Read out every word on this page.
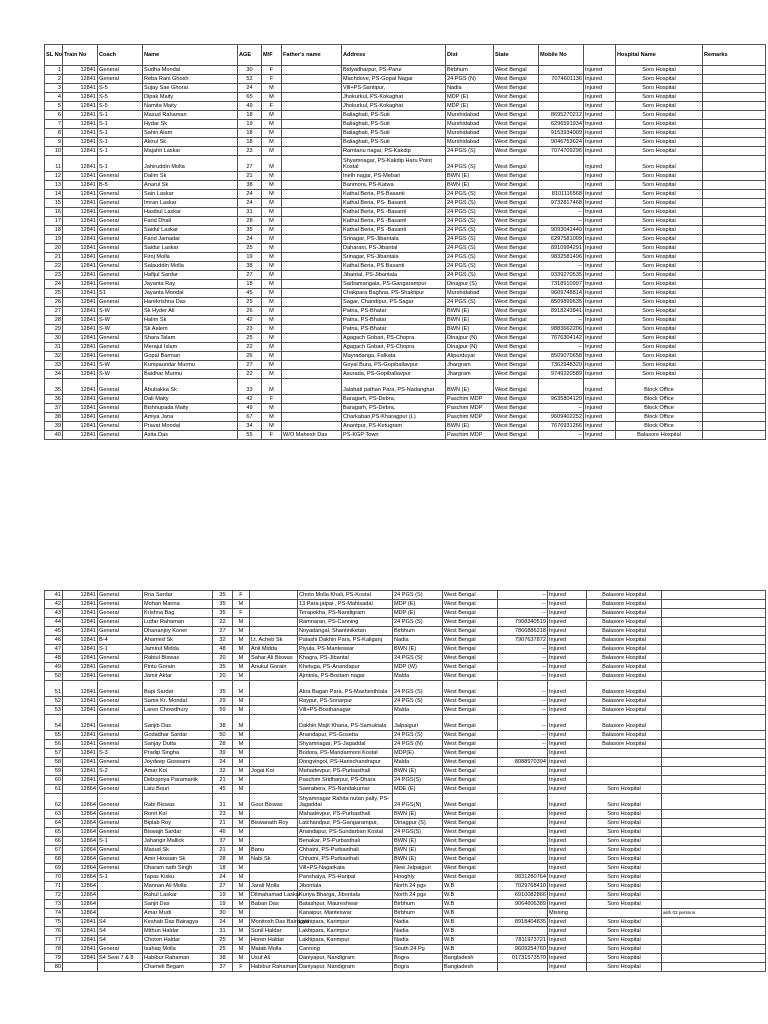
SL No	Train No	Coach	Name	AGE	M/F	Father's name	Address	Dist	State	Mobile No		Hospital Name	Remarks
1	12841	General	Sudha Mondal	30	F		Bidyadharpur, PS-Parui	Birbhum	West Bengal		Injured	Soro Hospital	
2	12841	General	Reba Rani Ghosh	52	F		Machdove, PS-Gopal Nagar	24 PGS (N)	West Bengal	7074601136	Injured	Soro Hospital	
3	12841	S-5	Sujay Sae Ghorai	24	M		Vill+PS-Santipur,	Nadia	West Bengal		Injured	Soro Hospital	
4	12841	S-5	Dipak Maity	65	M		Jhokurkul, PS-Kokaghat	MDP (E)	West Bengal		Injured	Soro Hospital	
5	12841	S-5	Namita Maity	49	F		Jhokurkul, PS-Kokaghat	MDP (E)	West Bengal		Injured	Soro Hospital	
6	12841	S-1	Masud Rahaman	18	M		Baliaghati, PS-Suti	Murshidabad	West Bengal	8695270212	Injured	Soro Hospital	
7	12841	S-1	Hydar Sk	19	M		Baliaghati, PS-Suti	Murshidabad	West Bengal	6296591934	Injured	Soro Hospital	
8	12841	S-1	Sahin Alam	18	M		Baliaghati, PS-Suti	Murshidabad	West Bengal	9153934009	Injured	Soro Hospital	
9	12841	S-1	Akirul Sk	18	M		Baliaghati, PS-Suti	Murshidabad	West Bengal	9046753624	Injured	Soro Hospital	
10	12841	S-1	Majahit Laskar	23	M		Ramtanu nagar, PS-Kakdip	24 PGS (S)	West Bengal	7074709296	Injured	Soro Hospital	
11	12841	S-1	Jahiruddin Molla	27	M		Shyamnagar, PS-Kakdip Haru Point Kostal	24 PGS (S)	West Bengal		Injured	Soro Hospital	
12	12841	General	Dalim Sk	21	M		Inelh nagar, PS-Mebari	BWN (E)	West Bengal		Injured	Soro Hospital	
13	12841	B-5	Anarul Sk	38	M		Banmora, PS-Katwa	BWN (E)	West Bengal		Injured	Soro Hospital	
14	12841	General	Sain Laskar	24	M		Kathal Beria, PS-Basanti	24 PGS (S)	West Bengal	8101116568	Injured	Soro Hospital	
15	12841	General	Imran Laskar	24	M		Kathal Beria, PS- Basanti	24 PGS (S)	West Bengal	9732817468	Injured	Soro Hospital	
16	12841	General	Hasibul Laskar	31	M		Kathal Beria, PS -Basanti	24 PGS (S)	West Bengal	--	Injured	Soro Hospital	
17	12841	General	Farid Dhali	28	M		Kathal Beria, PS -Basanti	24 PGS (S)	West Bengal	--	Injured	Soro Hospital	
18	12841	General	Saidul Laskar	35	M		Kathal Beria, PS -Basanti	24 PGS (S)	West Bengal	9093041440	Injured	Soro Hospital	
19	12841	General	Farid Jamadar	24	M		Srinagar, PS-Jibantala	24 PGS (S)	West Bengal	6297581009	Injured	Soro Hospital	
20	12841	General	Saidur Laskar	25	M		Daharani, PS-Jibantal	24 PGS (S)	West Bengal	8910994291	Injured	Soro Hospital	
21	12841	General	Firoj Molla	19	M		Srinagar, PS-Jibantala	24 PGS (S)	West Bengal	9832581496	Injured	Soro Hospital	
22	12841	General	Salauddin Molla	38	M		Kathal Beria, PS Basanti	24 PGS (S)	West Bengal	--	Injured	Soro Hospital	
23	12841	General	Hafijul Sardar	27	M		Jibantal, PS-Jibantala	24 PGS (S)	West Bengal	9339270535	Injured	Soro Hospital	
24	12841	General	Jayanta Ray	18	M		Sarbamangala, PS-Gangarampur	Dinajpur (S)	West Bengal	7318910997	Injured	Soro Hospital	
25	12841	S1	Jayanta Mondal	45	M		Chakpara Baghna, PS-Shaktipur	Murshidabad	West Bengal	9609748814	Injured	Soro Hospital	
26	12841	General	Harekrishna Das	25	M		Sagar, Chandipur, PS-Sagar	24 PGS (S)	West Bengal	8509899635	Injured	Soro Hospital	
27	12841	S-W	Sk Hyder Ali	26	M		Patna, PS-Bhatar	BWN (E)	West Bengal	8918243841	Injured	Soro Hospital	
28	12841	S-W	Halim Sk	42	M		Patna, PS-Bhatar	BWN (E)	West Bengal	--	Injured	Soro Hospital	
29	12841	S-W	Sk Aalem	23	M		Patna, PS-Bhatar	BWN (E)	West Bengal	9883662206	Injured	Soro Hospital	
30	12841	General	Shara Talam	25	M		Agagach Gobari, PS-Chopra	Dinajpur (N)	West Bengal	7676304142	Injured	Soro Hospital	
31	12841	General	Merajul Islam	22	M		Agagach Gobari, PS-Chopra	Dinajpur (N)	West Bengal	--	Injured	Soro Hospital	
32	12841	General	Gopal Barman	26	M		Mayradanga, Falkata	Alipurduyar	West Bengal	8509070658	Injured	Soro Hospital	
33	12841	S-W	Kumpaundar Murmu	27	M		Goyal Bura, PS-Gopiballavpur	Jhargram	West Bengal	7362948320	Injured	Soro Hospital	
34	12841	S-W	Baidhar Murmu	22	M		Asurada, PS-Gopiballavpur	Jhargram	West Bengal	9749220589	Injured	Soro Hospital	
35	12841	General	Abubakka Sk	33	M		Jalahati pathan Para, PS-Nadanghat	BWN (E)	West Bengal		Injured	Block Office	
36	12841	General	Dali Maity	42	F		Baragarh, PS-Debra,	Paschim MDP	West Bengal	9635804120	Injured	Block Office	
37	12841	General	Bishnupada Maity	49	M		Baragarh, PS-Debra,	Paschim MDP	West Bengal	--	Injured	Block Office	
38	12841	General	Amiya Jana	67	M		Charkaban,PS-Kharagpur (L)	Paschim MDP	West Bengal	9609402252	Injured	Block Office	
39	12841	General	Pravat Mondal	34	M		Anantpur, PS-Ketugram	BWN (E)	West Bengal	7676931266	Injured	Block Office	
40	12841	General	Asita Das	55	F	W/O Mahesh Das	PS-KGP Town	Paschim MDP	West Bengal	--	Injured	Balasore Hospital	
41	12841	General	Rna Sardar	35	F		Choto Molla Khali, PS-Kostal	24 PGS (S)	West Bengal	--	Injured	Balasore Hospital	
42	12841	General	Mohan Manna	35	M		13 Para jalpai , PS-Mahisadal	MDP (E)	West Bengal	--	Injured	Balasore Hospital	
43	12841	General	Krishna Bag	35	F		Terapekha, PS-Nandigram	MDP (E)	West Bengal	--	Injured	Balasore Hospital	
44	12841	General	Lutfar Rahaman	22	M		Ramnaran, PS-Canning	24 PGS (S)	West Bengal	7908340519	Injured	Balasore Hospital	
45	12841	General	Dhananjoy Koner	27	M		Noyadangal, Shantiniketan	Birbhum	West Bengal	7866886218	Injured	Balasore Hospital	
46	12841	B-4	Ahamed Sk	32	M	Lt. Acheb Sk	Palashi Dakhin Para, PS-Kaliganj	Nadia	West Bengal	7907637872	Injured	Balasore Hospital	
47	12841	S-1	Jamirul Midda	48	M	Anil Midda	Piyula, PS-Manteswar	BWN (E)	West Bengal	--	Injured	Balasore Hospital	
48	12841	General	Rabiul Biswas	20	M	Sahar Ali Biswas	Khagra, PS-Jibantal	24 PGS (S)	West Bengal	--	Injured	Balasore Hospital	
49	12841	General	Pintu Gorain	35	M	Anukul Gorain	Khetuga, PS-Anandapur	MDP (W)	West Bengal	--	Injured	Balasore Hospital	
50	12841	General	Jamir Aktar	20	M		Ajmtola, PS-Bostam nagar	Malda	West Bengal	--	Injured	Balasore Hospital	
51	12841	General	Bapi Sardar	35	M		Akra Bagan Para, PS-Mashesthtala	24 PGS (S)	West Bengal	--	Injured	Balasore Hospital	
52	12841	General	Samir Kr. Mondal	29	M		Raypur, PS-Sonarpur	24 PGS (S)	West Bengal	--	Injured	Balasore Hospital	
53	12841	General	Laren Chowdhury	59	M		Vill+PS-Bosthanagar	Malda	West Bengal	--	Injured	Balasore Hospital	
54	12841	General	Sanjib Das	38	M		Dakhin Majit Khana, PS-Samuktala	Jalpaiguri	West Bengal	--	Injured	Balasore Hospital	
55	12841	General	Godadhar Sardar	50	M		Anandapur, PS-Goseba	24 PGS (S)	West Bengal	--	Injured	Balasore Hospital	
56	12841	General	Sanjay Dutta	28	M		Shyamnagar, PS-Jagaddal	24 PGS (N)	West Bengal	--	Injured	Balasore Hospital	
57	12841	S-3	Pradip Singha	39	M		Bodora, PS-Mandarmoni Kostal	MDP(E)	West Bengal		Injured		
58	12841	General	Joydeep Goswami	24	M		Dongvingol, PS-Harischandrapur	Malda	West Bengal	8088970394	Injured		
59	12841	S-2	Amar Koi	32	M	Jogai Koi	Mahadevpur, PS-Purbasthali	BWN (E)	West Bengal		Injured		
60	12841	General	Debopriya Paramanik	21	M		Paschim Sridharpur, PS-Dhara	24 PGS(S)	West Bengal		Injured		
61	12864	General	Lalu Bouri	45	M		Saerabera, PS-Nandakumar	MDE (E)	West Bengal		Injured	Soro Hospital	
62	12864	General	Rabi Biswas	31	M	Gour Biswas	Shyamnagar Rahita nutan pally, PS-Jagaddal	24 PGS(N)	West Bengal		Injured	Soro Hospital	
63	12864	General	Ronit Kol	23	M		Mahadevpur, PS-Purbasthali	BWN (E)	West Bengal		Injured	Soro Hospital	
64	12864	General	Biplab Roy	21	M	Biswanath Roy	Latchandpur, PS-Gangarampur,	Dinagpur (S)	West Bengal		Injured	Soro Hospital	
65	12864	General	Biswajit Sardar	46	M		Anandapur, PS-Sundarban Kostal	24 PGS(S)	West Bengal		Injured	Soro Hospital	
66	12864	S-1	Jahangir Mallick	37	M		Benakar, PS-Purbasthali	BWN (E)	West Bengal		Injured	Soro Hospital	
67	12864	General	Masud Sk	21	M	Banu	Chhatni, PS-Purbasthali	BWN (E)	West Bengal		Injured	Soro Hospital	
68	12864	General	Amir Hossain Sk	28	M	Nabi Sk	Chhatni, PS-Purbasthali	BWN (E)	West Bengal		Injured	Soro Hospital	
69	12864	General	Dharam nath Singh	18	M		Vill+PS-Nagarkata	New Jalpaiguri	West Bengal		Injured	Soro Hospital	
70	12864	S-1	Tapas Kisku	24	M		Panshalya, PS-Haripal	Hooghly	West Bengal	9831280764	Injured	Soro Hospital	
71	12864		Mannan Ali Molla	27	M	Jarali Molla	Jibontala	North 24 pgs	W.B	7029768410	Injured	Soro Hospital	
72	12864		Rahul Laskar	19	M	Dilmahamad Laskar	Kuriya Bharga, Jibontala	North 24 pgs	W.B	6910082866	Injured	Soro Hospital	
73	12864		Sanjit Das	19	M	Baban Das	Batashpur, Maureshwar	Birbhum	W.B	9064606389	Injured	Soro Hospital	
74	12864		Amar Mudi	30	M		Kanaipur, Manteswar	Birbhum	W.B		Missing		with 03 persons
75	12841	S4	Keshab Das Bairagya	24	M	Monitosh Das Bairagya	Lakhipara, Karimpur	Nadia	W.B	8918404835	Injured	Soro Hospital	
76	12841	S4	Mithun Haldar	31	M	Sunil Haldar	Lakhipara, Karimpur	Nadia	W.B		Injured	Soro Hospital	
77	12841	S4	Choton Haldar	25	M	Horen Haldar	Lakhipara, Karimpur	Nadia	W.B	7811973721	Injured	Soro Hospital	
78	12841	General	Isahaq Molla	25	M	Matab Molla	Canning	South 24 Pg	W.B	9609254760	Injured	Soro Hospital	
79	12841	S4 Seat 7 & 8	Habibur Rahaman	38	M	Usuf Ali	Daniyapur, Nandigram	Bogra	Bangladesh	01731573570	Injured	Soro Hospital	
80			Chameli Begam	37	F	Habibur Rahaman	Daniyapur, Nandigram	Bogra	Bangladesh		Injured	Soro Hospital	
